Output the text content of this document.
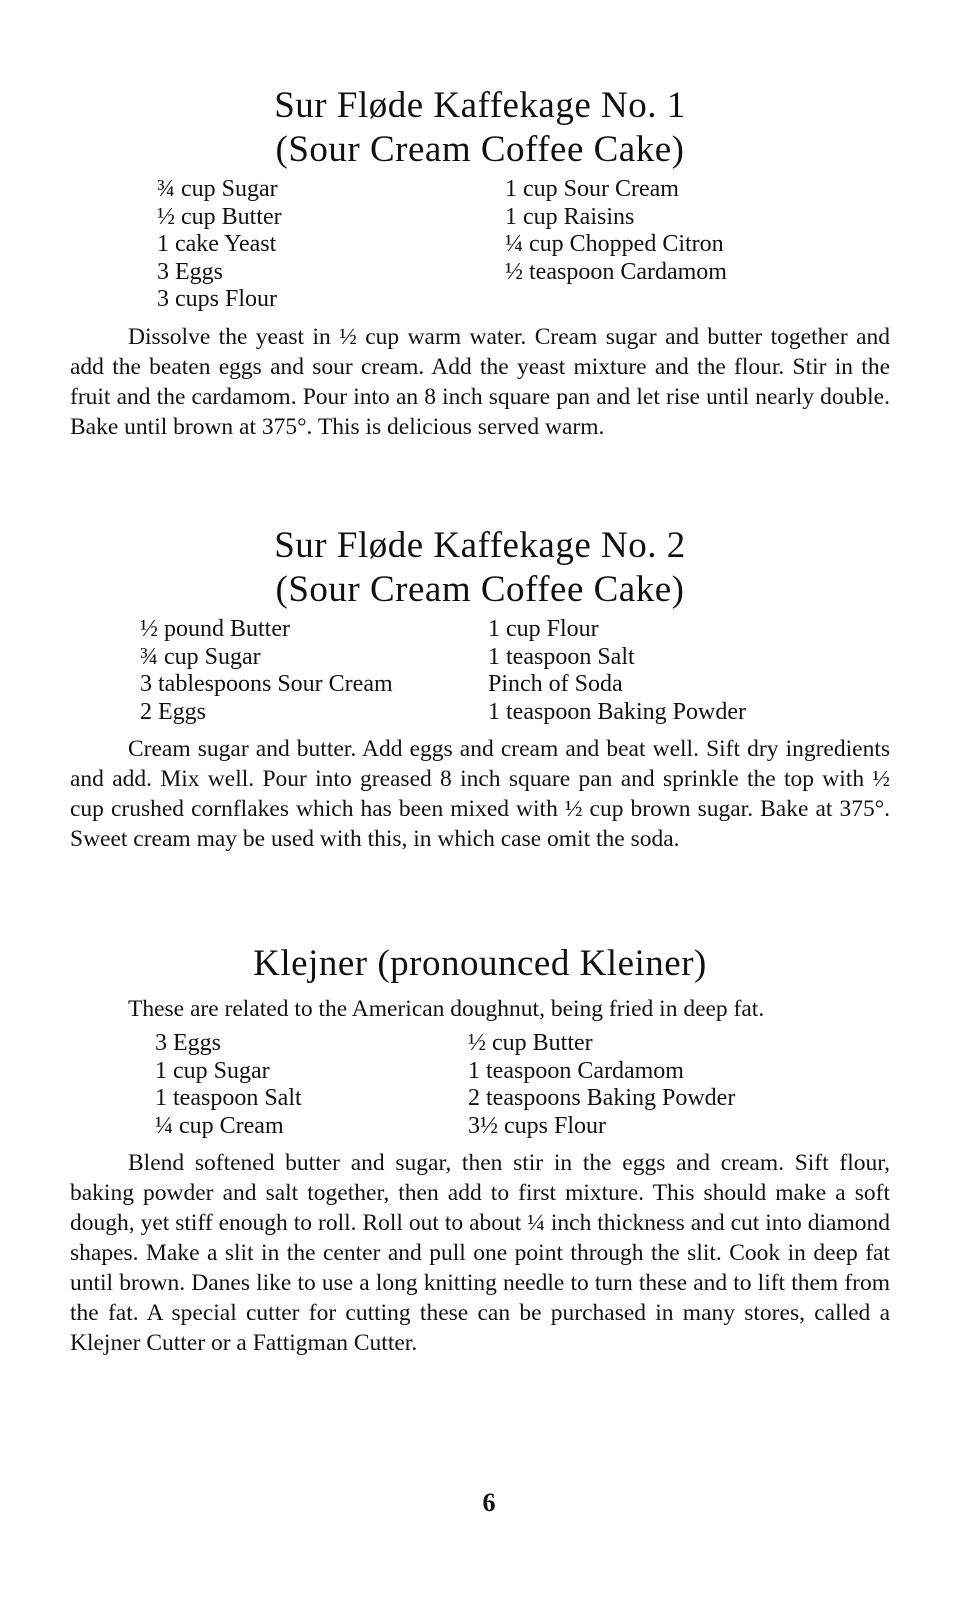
Sur Fløde Kaffekage No. 1
(Sour Cream Coffee Cake)
¾ cup Sugar
½ cup Butter
1 cake Yeast
3 Eggs
3 cups Flour
1 cup Sour Cream
1 cup Raisins
¼ cup Chopped Citron
½ teaspoon Cardamom

Dissolve the yeast in ½ cup warm water. Cream sugar and butter together and add the beaten eggs and sour cream. Add the yeast mixture and the flour. Stir in the fruit and the cardamom. Pour into an 8 inch square pan and let rise until nearly double. Bake until brown at 375°. This is delicious served warm.

Sur Fløde Kaffekage No. 2
(Sour Cream Coffee Cake)
½ pound Butter
¾ cup Sugar
3 tablespoons Sour Cream
2 Eggs
1 cup Flour
1 teaspoon Salt
Pinch of Soda
1 teaspoon Baking Powder

Cream sugar and butter. Add eggs and cream and beat well. Sift dry ingredients and add. Mix well. Pour into greased 8 inch square pan and sprinkle the top with ½ cup crushed cornflakes which has been mixed with ½ cup brown sugar. Bake at 375°. Sweet cream may be used with this, in which case omit the soda.

Klejner (pronounced Kleiner)

These are related to the American doughnut, being fried in deep fat.

3 Eggs
1 cup Sugar
1 teaspoon Salt
¼ cup Cream
½ cup Butter
1 teaspoon Cardamom
2 teaspoons Baking Powder
3½ cups Flour

Blend softened butter and sugar, then stir in the eggs and cream. Sift flour, baking powder and salt together, then add to first mixture. This should make a soft dough, yet stiff enough to roll. Roll out to about ¼ inch thickness and cut into diamond shapes. Make a slit in the center and pull one point through the slit. Cook in deep fat until brown. Danes like to use a long knitting needle to turn these and to lift them from the fat. A special cutter for cutting these can be purchased in many stores, called a Klejner Cutter or a Fattigman Cutter.

6
